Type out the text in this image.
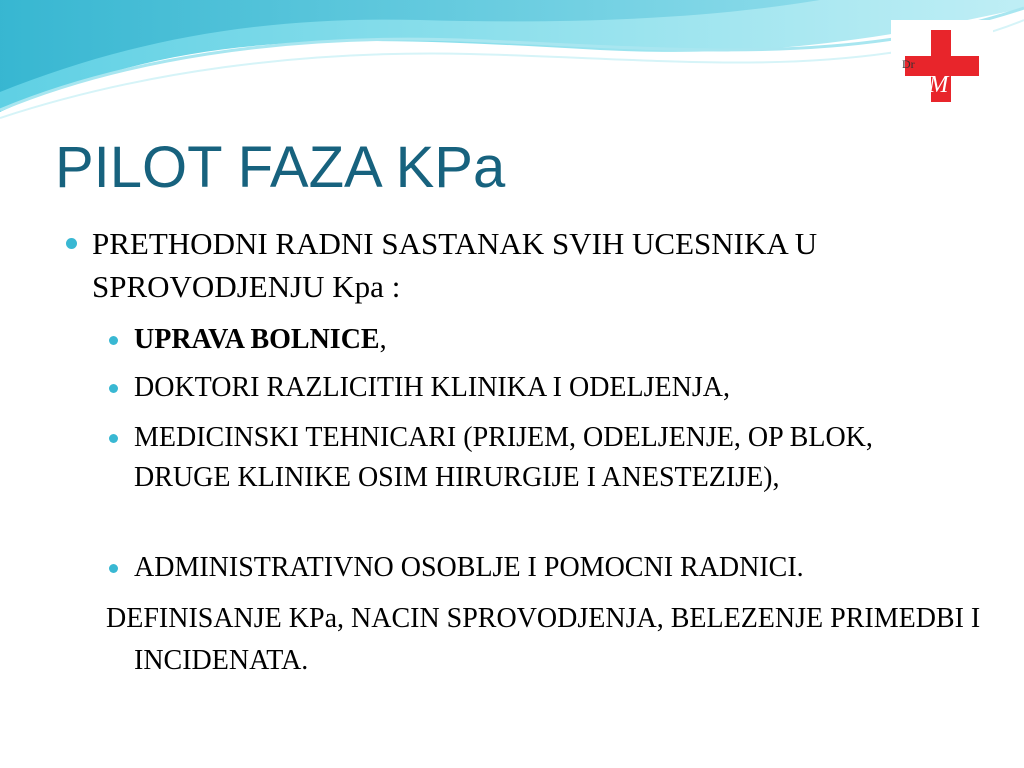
Dr
LM
PILOT FAZA KPa
PRETHODNI RADNI SASTANAK SVIH UCESNIKA U SPROVODJENJU Kpa :
UPRAVA BOLNICE,
DOKTORI RAZLICITIH KLINIKA I ODELJENJA,
MEDICINSKI TEHNICARI (PRIJEM, ODELJENJE, OP BLOK, DRUGE KLINIKE OSIM HIRURGIJE I ANESTEZIJE),
ADMINISTRATIVNO OSOBLJE I POMOCNI RADNICI.
DEFINISANJE KPa, NACIN SPROVODJENJA, BELEZENJE PRIMEDBI I INCIDENATA.
